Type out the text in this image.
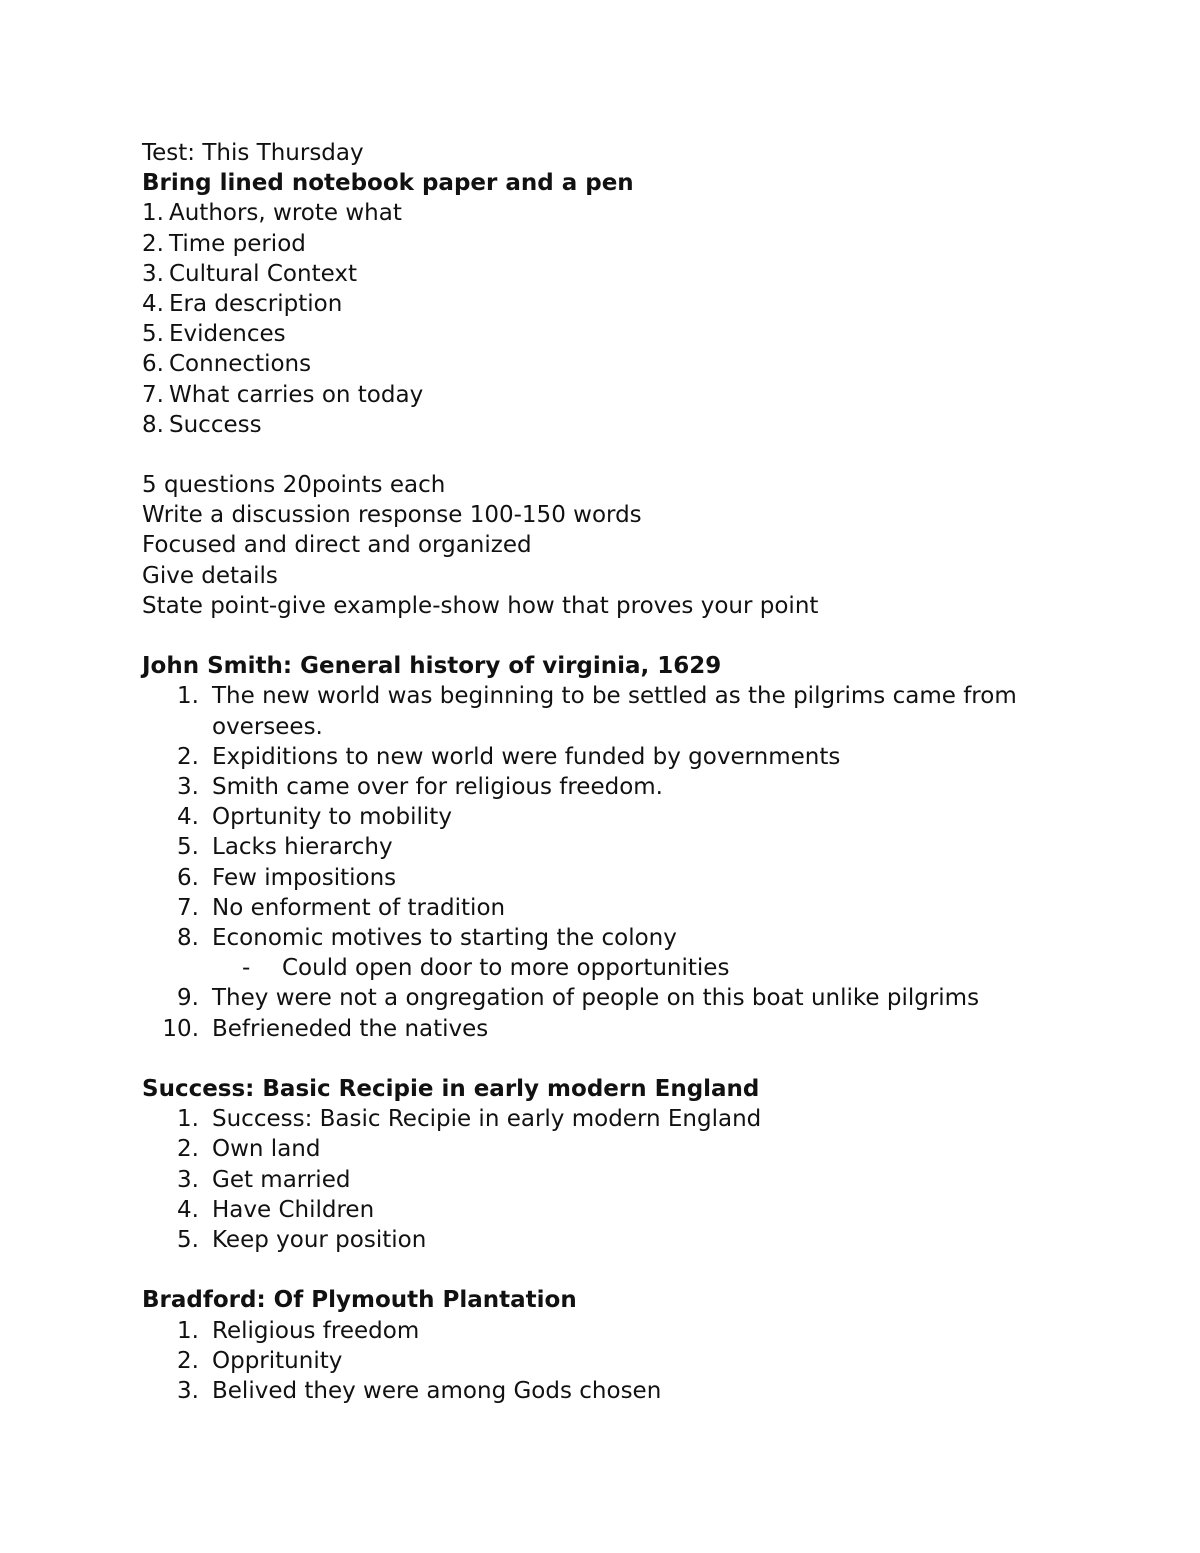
Test: This Thursday
Bring lined notebook paper and a pen
1. Authors, wrote what
2. Time period
3. Cultural Context
4. Era description
5. Evidences
6. Connections
7. What carries on today
8. Success
5 questions 20points each
Write a discussion response 100-150 words
Focused and direct and organized
Give details
State point-give example-show how that proves your point
John Smith: General history of virginia, 1629
1. The new world was beginning to be settled as the pilgrims came from oversees.
2. Expiditions to new world were funded by governments
3. Smith came over for religious freedom.
4. Oprtunity to mobility
5. Lacks hierarchy
6. Few impositions
7. No enforment of tradition
8. Economic motives to starting the colony
-	Could open door to more opportunities
9. They were not a ongregation of people on this boat unlike pilgrims
10. Befrieneded the natives
Success: Basic Recipie in early modern England
1. Success: Basic Recipie in early modern England
2. Own land
3. Get married
4. Have Children
5. Keep your position
Bradford: Of Plymouth Plantation
1. Religious freedom
2. Oppritunity
3. Belived they were among Gods chosen
